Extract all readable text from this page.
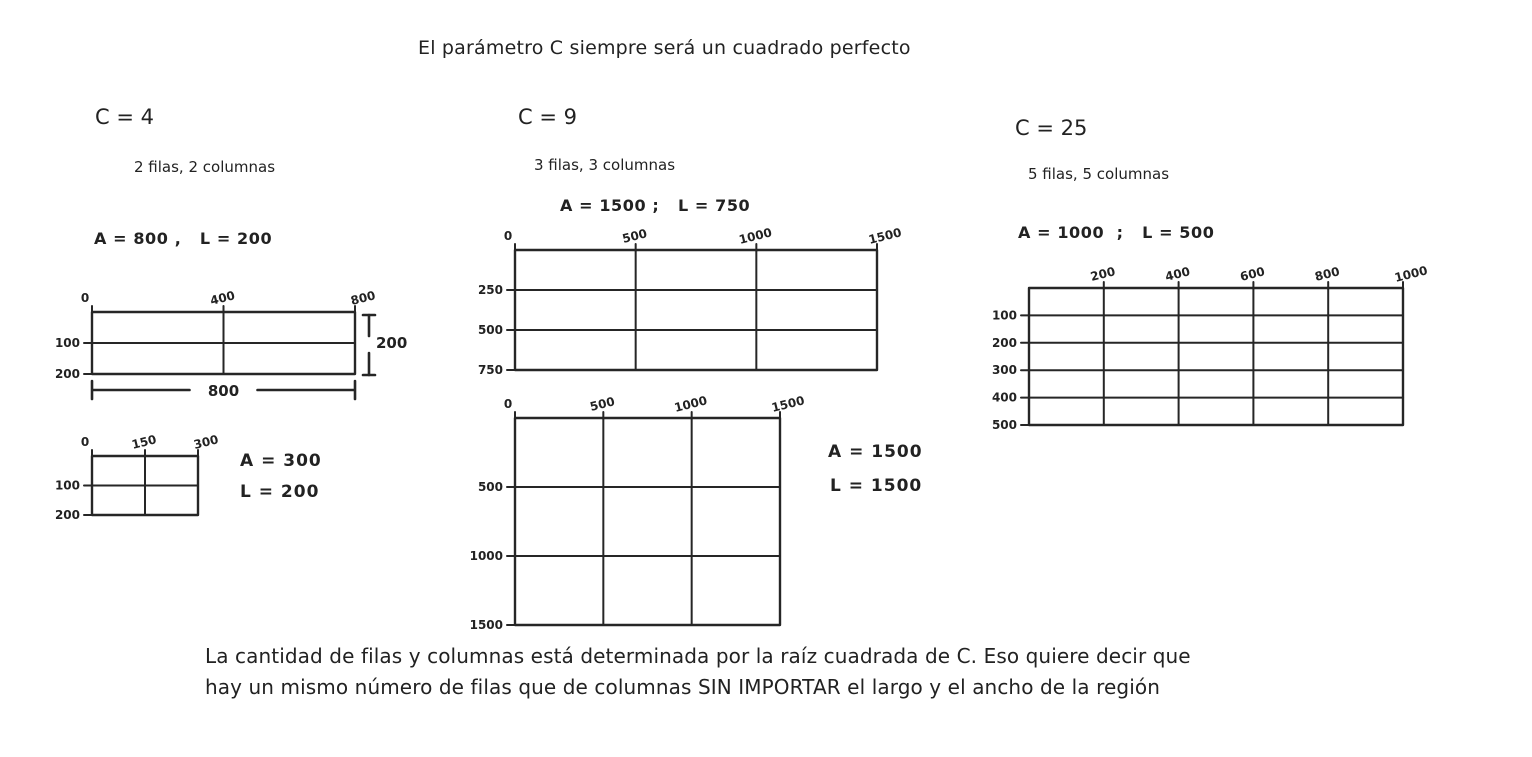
El parámetro C siempre será un cuadrado perfecto
C = 4
2 filas, 2 columnas
A = 800 ,   L = 200
C = 9
3 filas, 3 columnas
A = 1500 ;   L = 750
C = 25
5 filas, 5 columnas
A = 1000  ;   L = 500
A = 300
L = 200
A = 1500
L = 1500
La cantidad de filas y columnas está determinada por la raíz cuadrada de C. Eso quiere decir que
hay un mismo número de filas que de columnas SIN IMPORTAR el largo y el ancho de la región
0	400	800
100
200
800
200
0	150	300
100
200
0	500	1000	1500
250
500
750
0	500	1000	1500
500
1000
1500
200	400	600	800	1000
100
200
300
400
500
